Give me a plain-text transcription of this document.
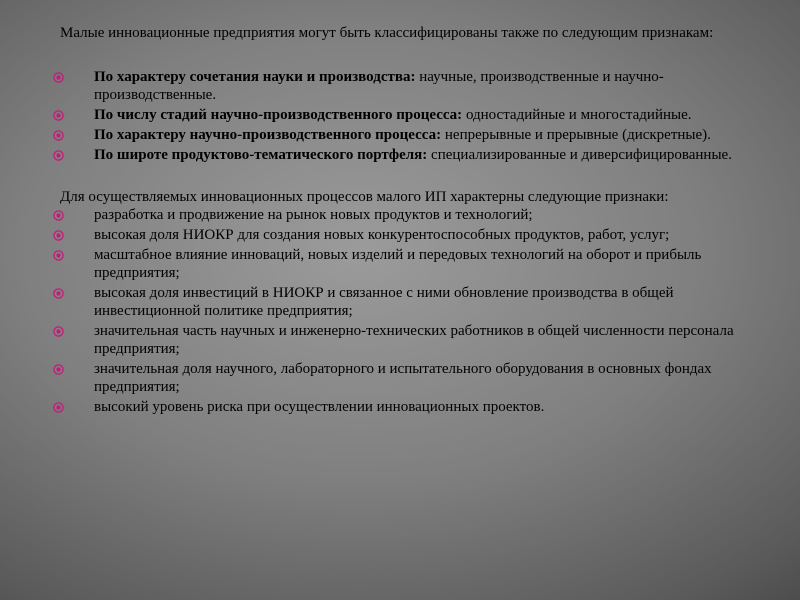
Малые инновационные предприятия могут быть классифицированы также по следующим признакам:

По характеру сочетания науки и производства: научные, производственные и научно-производственные.
По числу стадий научно-производственного процесса: одностадийные и многостадийные.
По характеру научно-производственного процесса: непрерывные и прерывные (дискретные).
По широте продуктово-тематического портфеля: специализированные и диверсифицированные.

Для осуществляемых инновационных процессов малого ИП характерны следующие признаки:

разработка и продвижение на рынок новых продуктов и технологий;
высокая доля НИОКР для создания новых конкурентоспособных продуктов, работ, услуг;
масштабное влияние инноваций, новых изделий и передовых технологий на оборот и прибыль предприятия;
высокая доля инвестиций в НИОКР и связанное с ними обновление производства в общей инвестиционной политике предприятия;
значительная часть научных и инженерно-технических работников в общей численности персонала предприятия;
значительная доля научного, лабораторного и испытательного оборудования в основных фондах предприятия;
высокий уровень риска при осуществлении инновационных проектов.
